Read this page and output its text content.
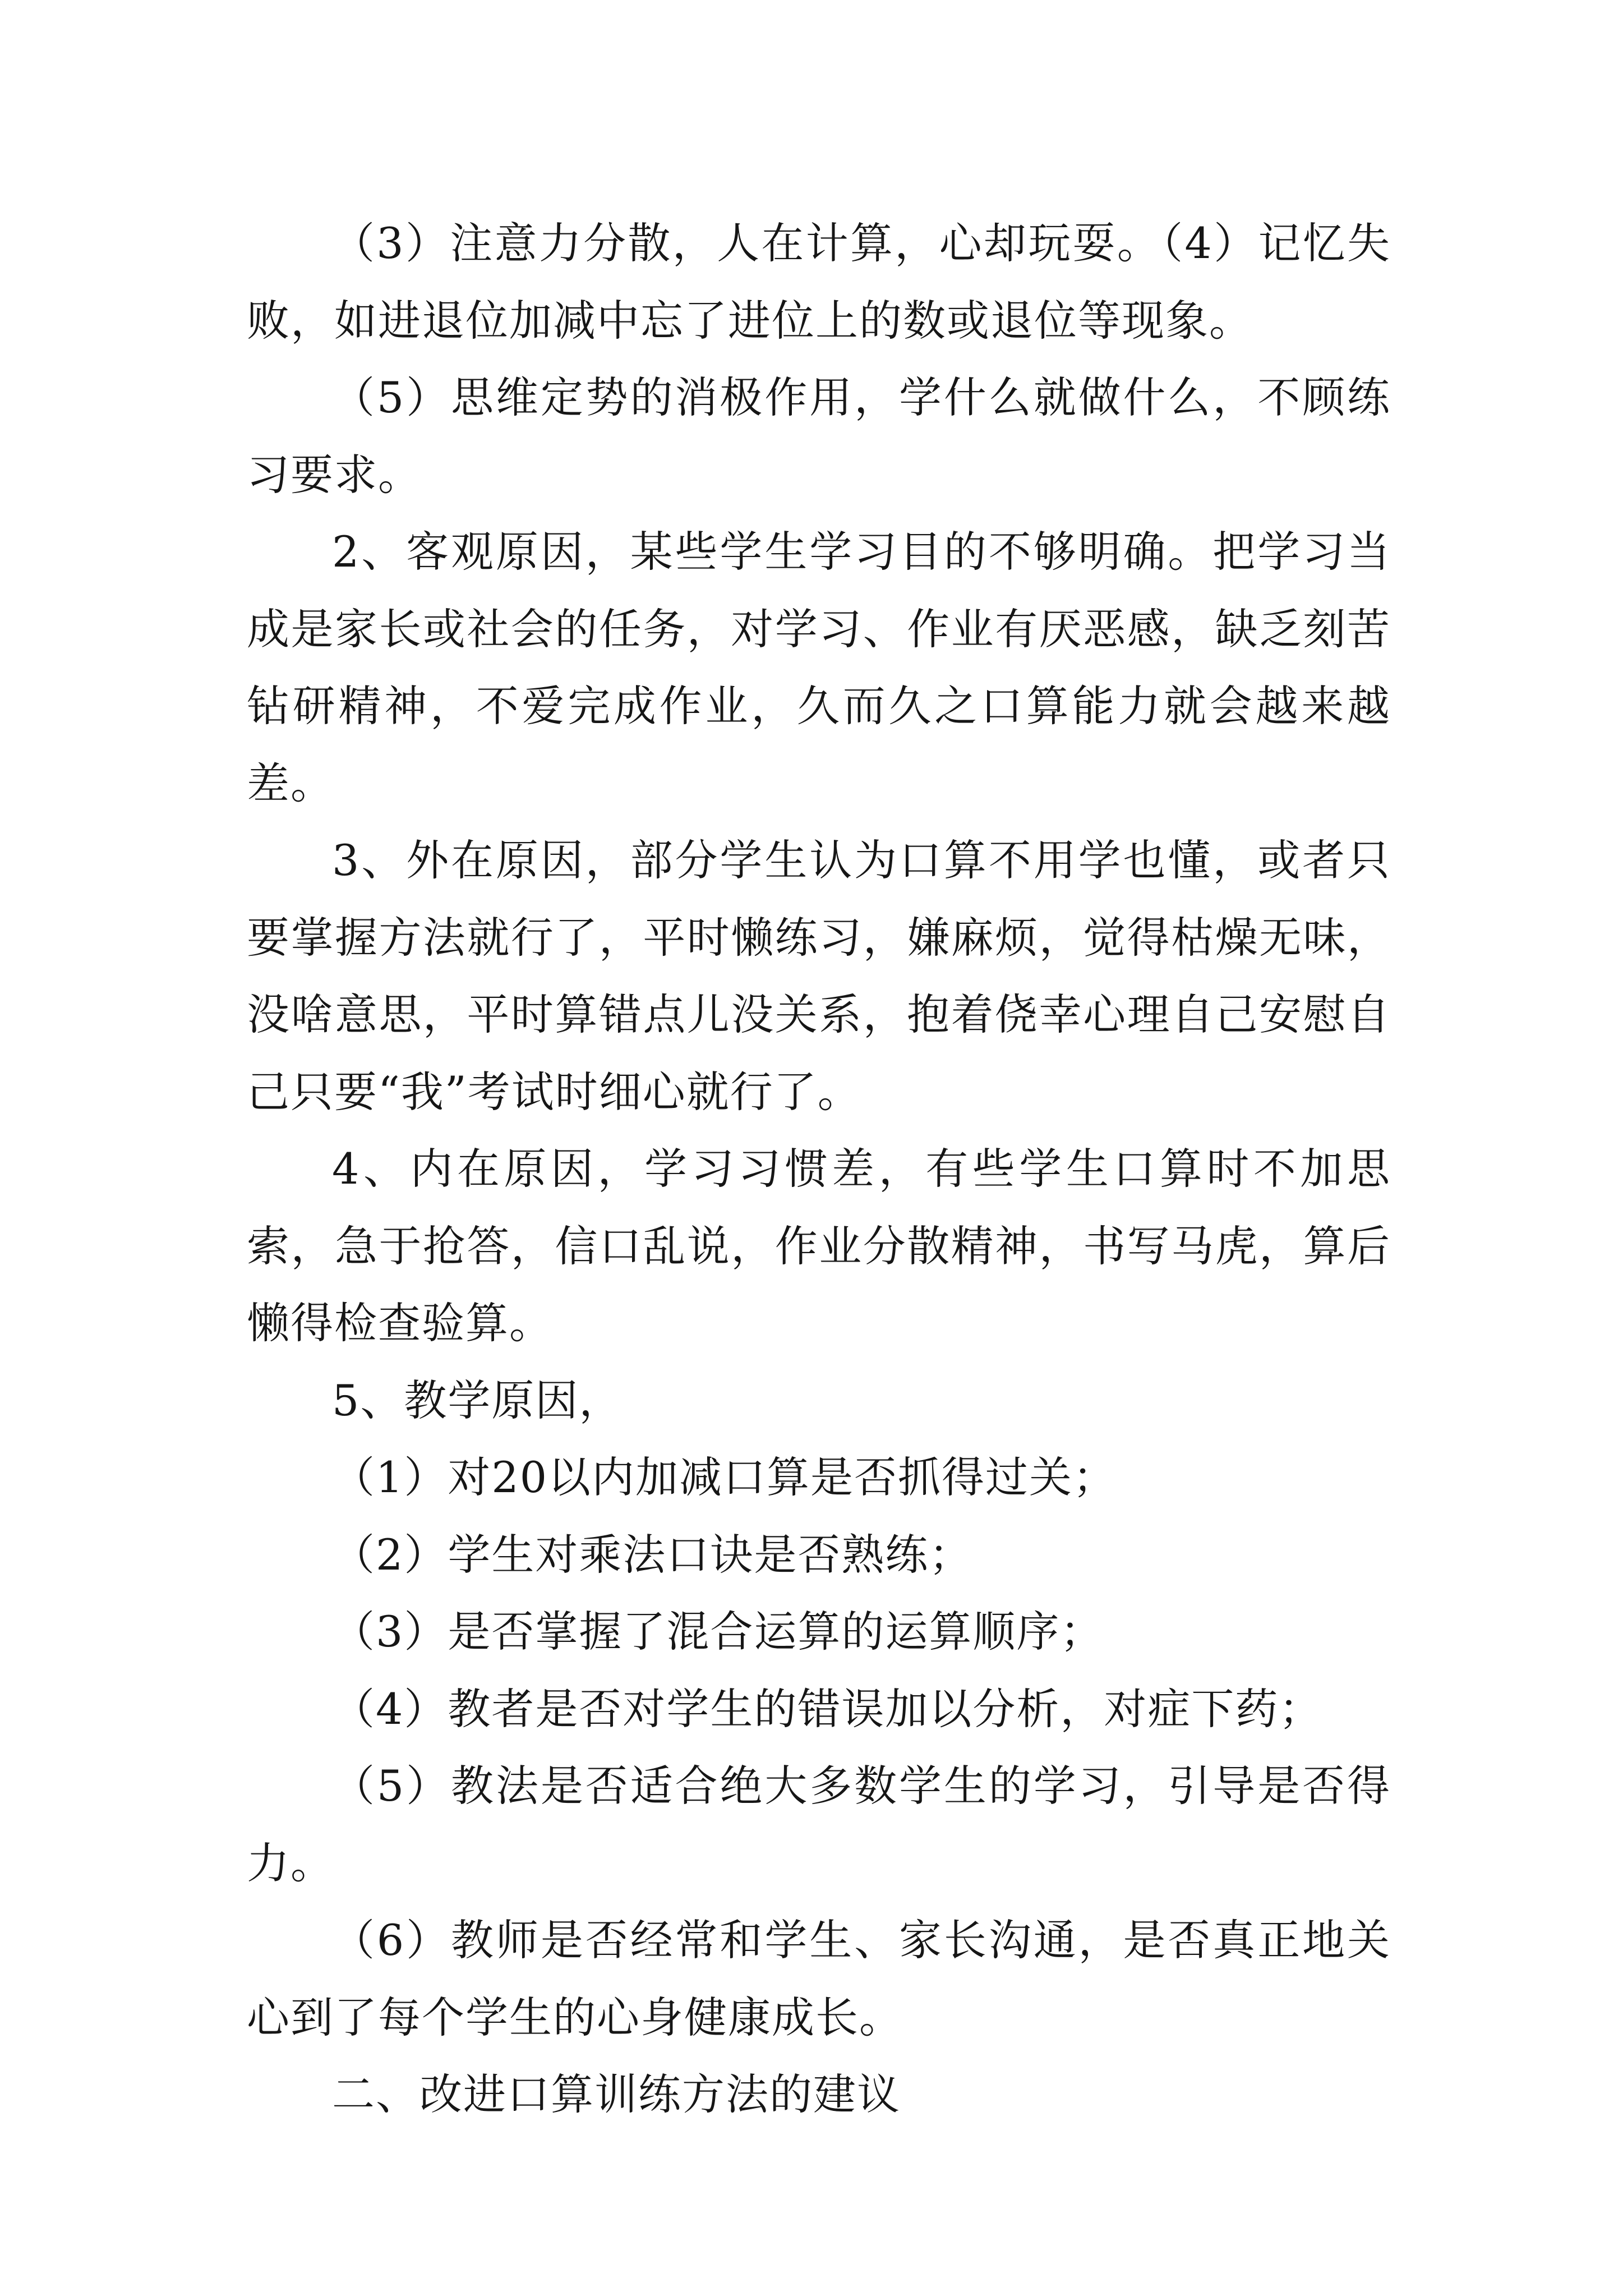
（3）注意力分散，人在计算，心却玩耍。（4）记忆失败，如进退位加减中忘了进位上的数或退位等现象。

（5）思维定势的消极作用，学什么就做什么，不顾练习要求。

2、客观原因，某些学生学习目的不够明确。把学习当成是家长或社会的任务，对学习、作业有厌恶感，缺乏刻苦钻研精神，不爱完成作业，久而久之口算能力就会越来越差。

3、外在原因，部分学生认为口算不用学也懂，或者只要掌握方法就行了，平时懒练习，嫌麻烦，觉得枯燥无味，没啥意思，平时算错点儿没关系，抱着侥幸心理自己安慰自己只要“我”考试时细心就行了。

4、内在原因，学习习惯差，有些学生口算时不加思索，急于抢答，信口乱说，作业分散精神，书写马虎，算后懒得检查验算。

5、教学原因，

（1）对20以内加减口算是否抓得过关；

（2）学生对乘法口诀是否熟练；

（3）是否掌握了混合运算的运算顺序；

（4）教者是否对学生的错误加以分析，对症下药；

（5）教法是否适合绝大多数学生的学习，引导是否得力。

（6）教师是否经常和学生、家长沟通，是否真正地关心到了每个学生的心身健康成长。

二、改进口算训练方法的建议
